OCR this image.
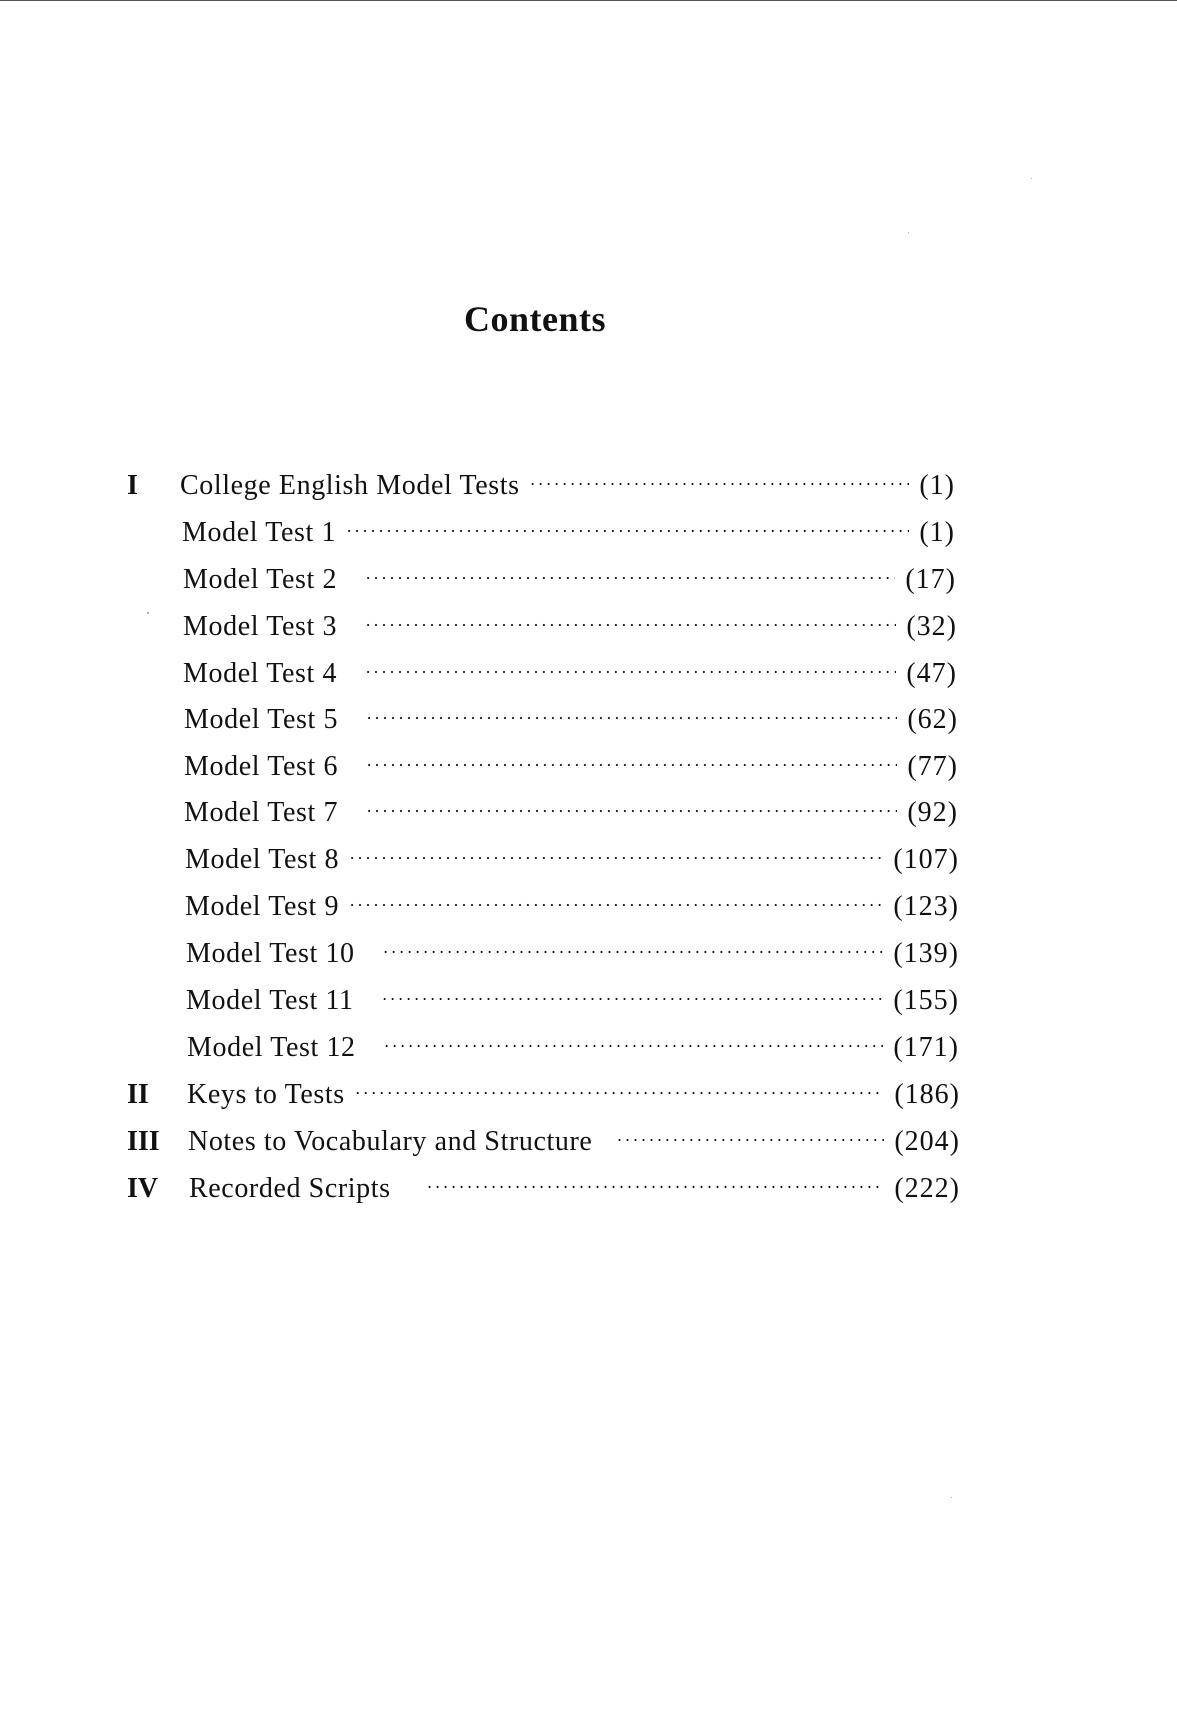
Contents
I College English Model Tests ·····	(1)
Model Test 1 ·····	(1)
Model Test 2 ·····	(17)
Model Test 3 ·····	(32)
Model Test 4 ·····	(47)
Model Test 5 ·····	(62)
Model Test 6 ·····	(77)
Model Test 7 ·····	(92)
Model Test 8 ·····	(107)
Model Test 9 ·····	(123)
Model Test 10 ·····	(139)
Model Test 11 ·····	(155)
Model Test 12 ·····	(171)
II Keys to Tests ·····	(186)
III Notes to Vocabulary and Structure ·····	(204)
IV Recorded Scripts ·····	(222)
